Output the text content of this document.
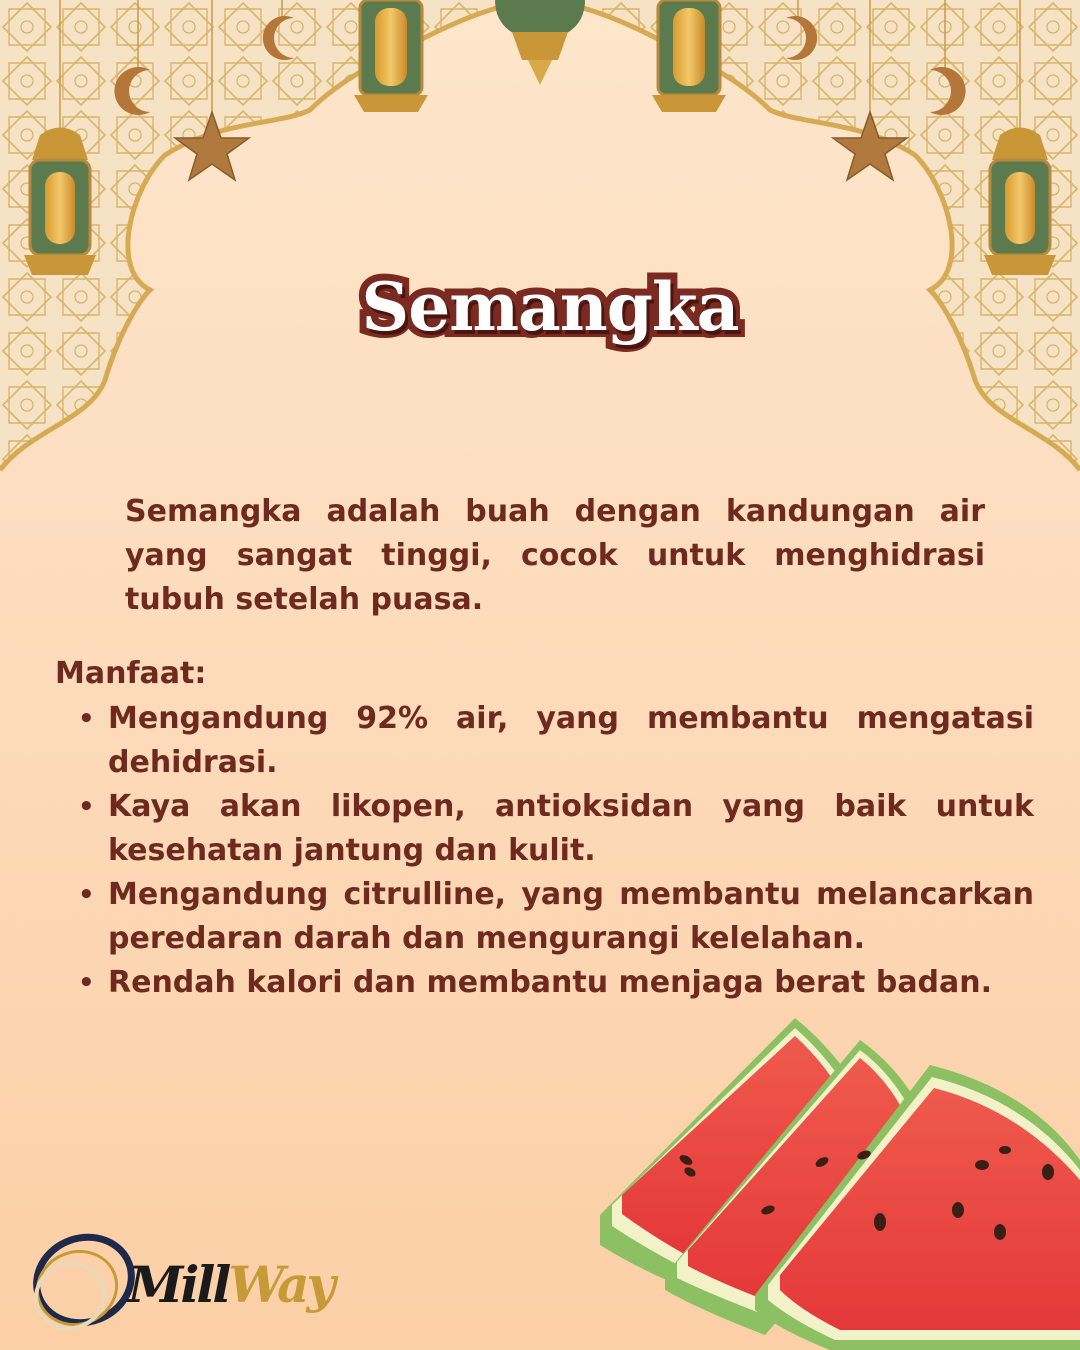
Semangka

Semangka adalah buah dengan kandungan air yang sangat tinggi, cocok untuk menghidrasi tubuh setelah puasa.

Manfaat:
• Mengandung 92% air, yang membantu mengatasi dehidrasi.
• Kaya akan likopen, antioksidan yang baik untuk kesehatan jantung dan kulit.
• Mengandung citrulline, yang membantu melancarkan peredaran darah dan mengurangi kelelahan.
• Rendah kalori dan membantu menjaga berat badan.
MillWay
